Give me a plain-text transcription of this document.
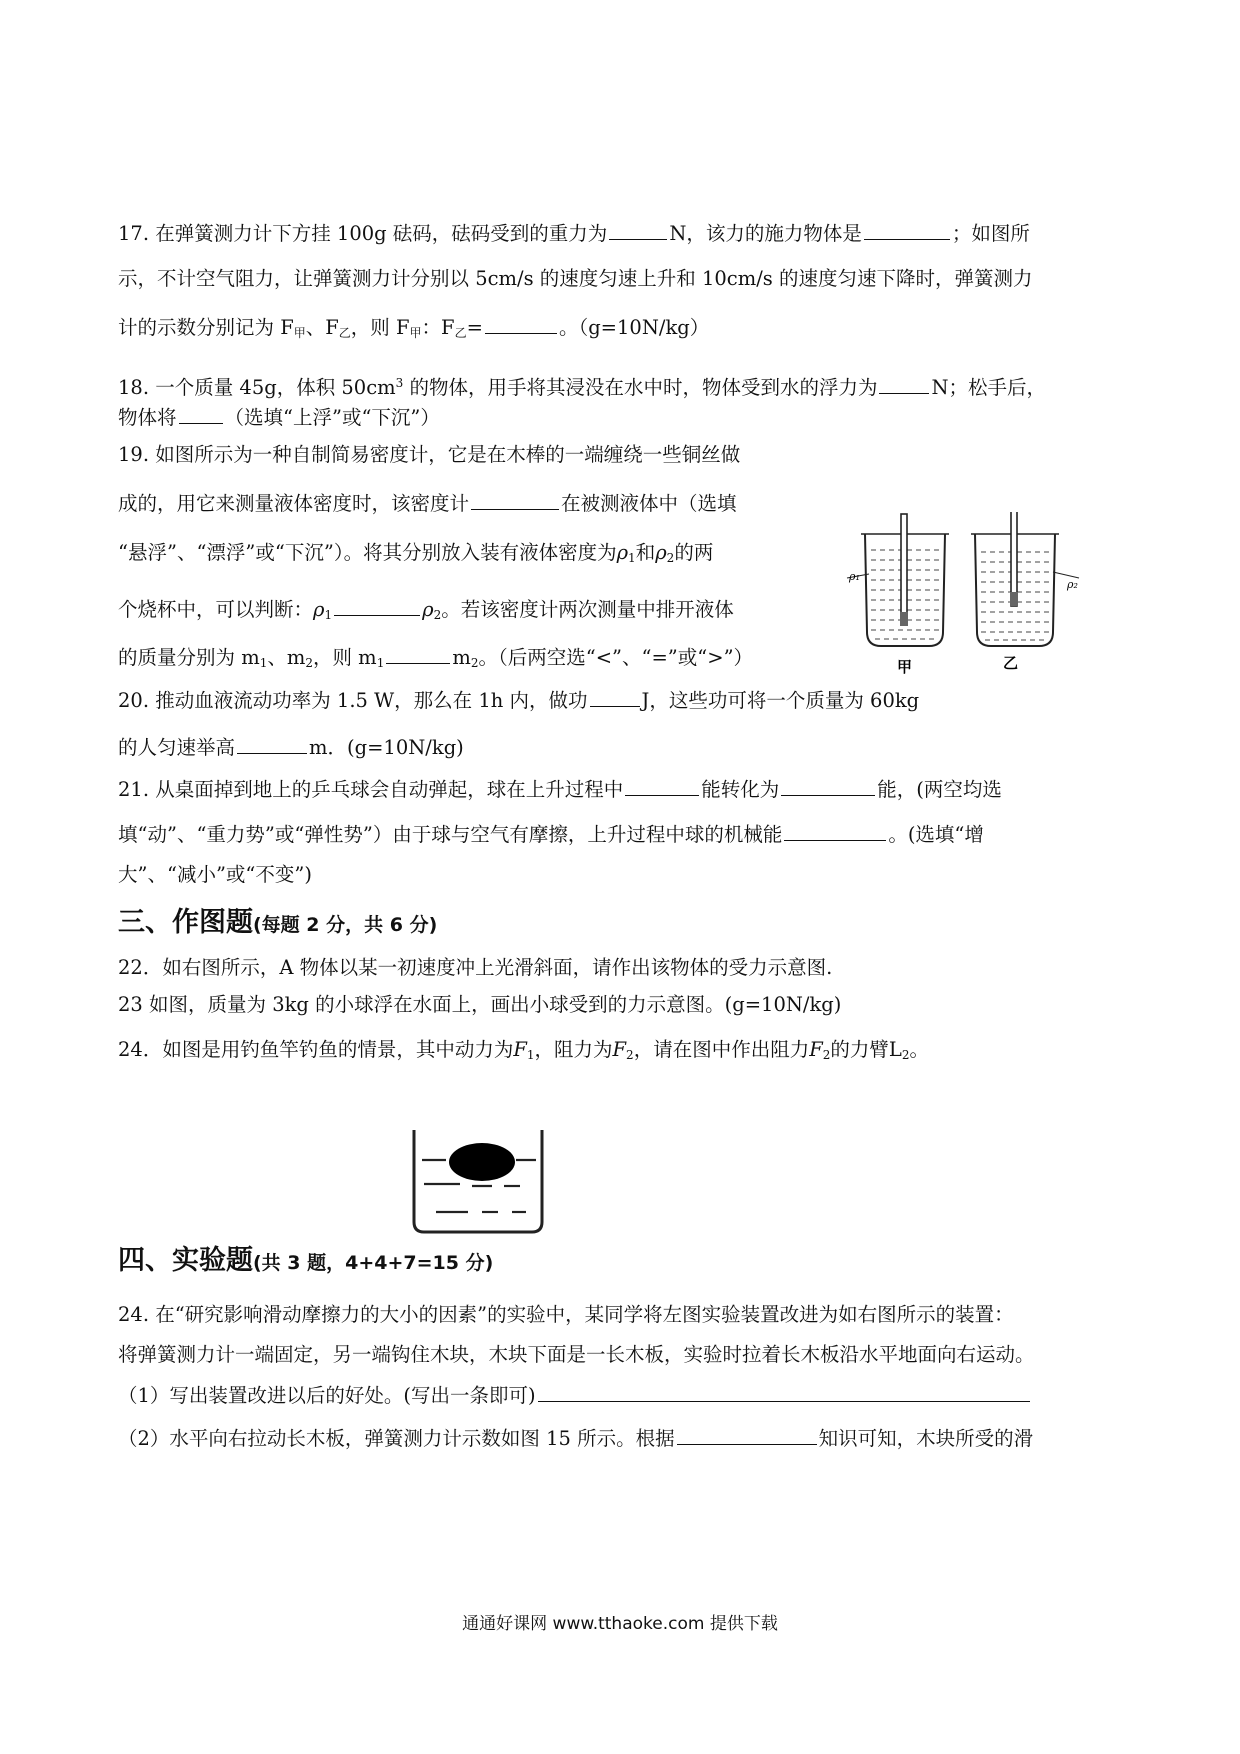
17. 在弹簧测力计下方挂 100g 砝码，砝码受到的重力为	N，该力的施力物体是	；如图所
示，不计空气阻力，让弹簧测力计分别以 5cm/s 的速度匀速上升和 10cm/s 的速度匀速下降时，弹簧测力
计的示数分别记为 $F_甲$、$F_乙$，则 $F_甲$：$F_乙=$	。（g=10N/kg）
18. 一个质量 45g，体积 $50cm^3$ 的物体，用手将其浸没在水中时，物体受到水的浮力为	N；松手后，
物体将 （选填“上浮”或“下沉”）
19. 如图所示为一种自制简易密度计，它是在木棒的一端缠绕一些铜丝做
成的，用它来测量液体密度时，该密度计	在被测液体中（选填
“悬浮”、“漂浮”或“下沉”）。将其分别放入装有液体密度为$\rho_1$和$\rho_2$的两
个烧杯中，可以判断：$\rho_1$	$\rho_2$。若该密度计两次测量中排开液体
的质量分别为 $m_1$、$m_2$，则 $m_1$	$m_2$。（后两空选“<”、“=”或“>”）
ρ₁
ρ₂
甲	乙
20. 推动血液流动功率为 1.5 W，那么在 1h 内，做功	J，这些功可将一个质量为 60kg
的人匀速举高	m．(g=10N/kg)
21. 从桌面掉到地上的乒乓球会自动弹起，球在上升过程中	能转化为	能，(两空均选
填“动”、“重力势”或“弹性势”）由于球与空气有摩擦，上升过程中球的机械能	。(选填“增
大”、“减小”或“不变”)
三、作图题(每题 2 分，共 6 分)
22．如右图所示，A 物体以某一初速度冲上光滑斜面，请作出该物体的受力示意图.
23 如图，质量为 3kg 的小球浮在水面上，画出小球受到的力示意图。(g=10N/kg)
24．如图是用钓鱼竿钓鱼的情景，其中动力为$F_1$，阻力为$F_2$，请在图中作出阻力$F_2$的力臂$L_2$。
四、实验题(共 3 题，4+4+7=15 分)
24. 在“研究影响滑动摩擦力的大小的因素”的实验中，某同学将左图实验装置改进为如右图所示的装置：
将弹簧测力计一端固定，另一端钩住木块，木块下面是一长木板，实验时拉着长木板沿水平地面向右运动。
（1）写出装置改进以后的好处。(写出一条即可)
（2）水平向右拉动长木板，弹簧测力计示数如图 15 所示。根据	知识可知，木块所受的滑
通通好课网 www.tthaoke.com 提供下载
